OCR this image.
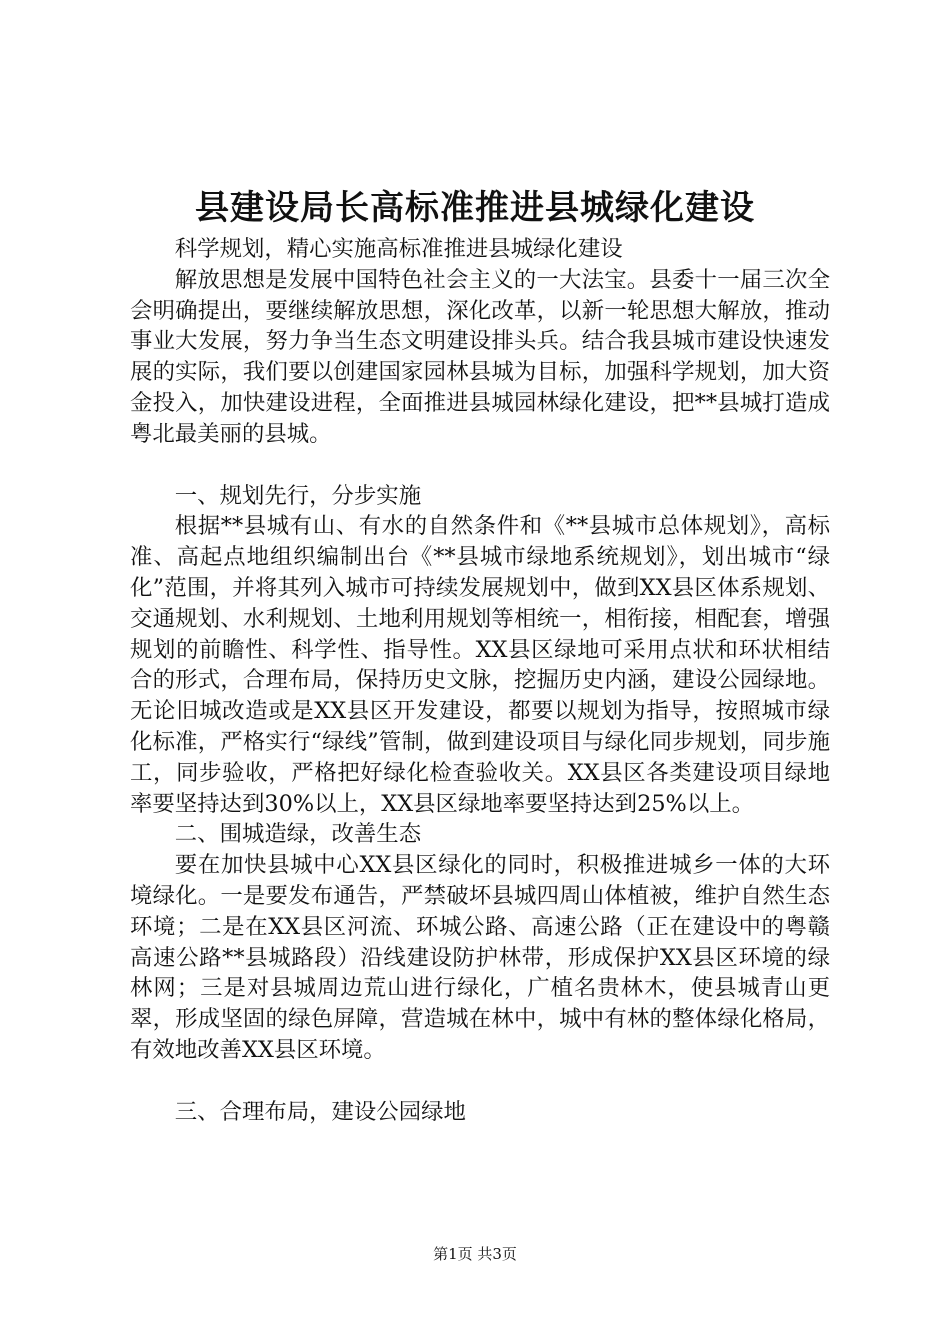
县建设局长高标准推进县城绿化建设

科学规划，精心实施高标准推进县城绿化建设

解放思想是发展中国特色社会主义的一大法宝。县委十一届三次全会明确提出，要继续解放思想，深化改革，以新一轮思想大解放，推动事业大发展，努力争当生态文明建设排头兵。结合我县城市建设快速发展的实际，我们要以创建国家园林县城为目标，加强科学规划，加大资金投入，加快建设进程，全面推进县城园林绿化建设，把**县城打造成粤北最美丽的县城。

一、规划先行，分步实施

根据**县城有山、有水的自然条件和《**县城市总体规划》，高标准、高起点地组织编制出台《**县城市绿地系统规划》，划出城市“绿化”范围，并将其列入城市可持续发展规划中，做到XX县区体系规划、交通规划、水利规划、土地利用规划等相统一，相衔接，相配套，增强规划的前瞻性、科学性、指导性。XX县区绿地可采用点状和环状相结合的形式，合理布局，保持历史文脉，挖掘历史内涵，建设公园绿地。无论旧城改造或是XX县区开发建设，都要以规划为指导，按照城市绿化标准，严格实行“绿线”管制，做到建设项目与绿化同步规划，同步施工，同步验收，严格把好绿化检查验收关。XX县区各类建设项目绿地率要坚持达到30%以上，XX县区绿地率要坚持达到25%以上。

二、围城造绿，改善生态

要在加快县城中心XX县区绿化的同时，积极推进城乡一体的大环境绿化。一是要发布通告，严禁破坏县城四周山体植被，维护自然生态环境；二是在XX县区河流、环城公路、高速公路（正在建设中的粤赣高速公路**县城路段）沿线建设防护林带，形成保护XX县区环境的绿林网；三是对县城周边荒山进行绿化，广植名贵林木，使县城青山更翠，形成坚固的绿色屏障，营造城在林中，城中有林的整体绿化格局，有效地改善XX县区环境。

三、合理布局，建设公园绿地

第1页 共3页
